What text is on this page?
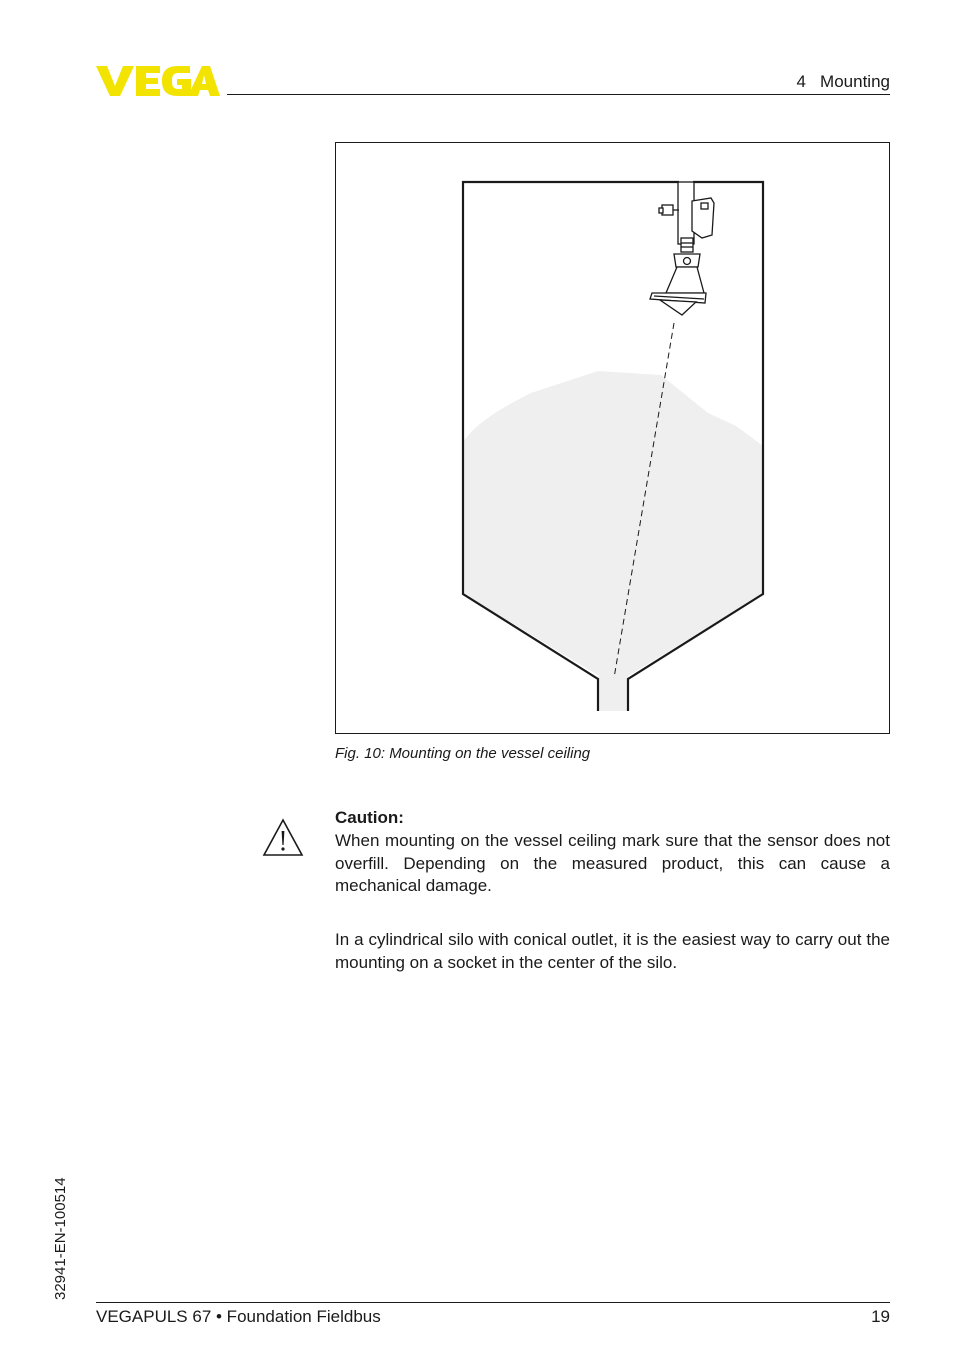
4   Mounting
Fig. 10: Mounting on the vessel ceiling
Caution:

When mounting on the vessel ceiling mark sure that the sensor does not overfill. Depending on the measured product, this can cause a mechanical damage.

In a cylindrical silo with conical outlet, it is the easiest way to carry out the mounting on a socket in the center of the silo.

32941-EN-100514
VEGAPULS 67 • Foundation Fieldbus	19
